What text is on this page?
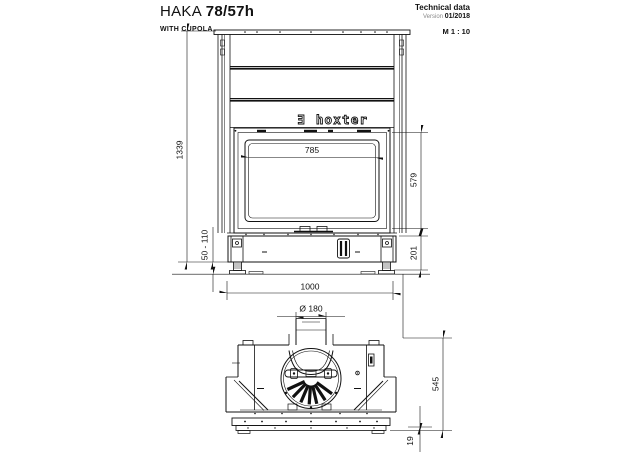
HAKA 78/57h
WITH CUPOLA
Technical data
Version 01/2018
M 1 : 10
Ǝ hoxter
1339
50 - 110
785
579
201
1000
Ø 180
545
19
